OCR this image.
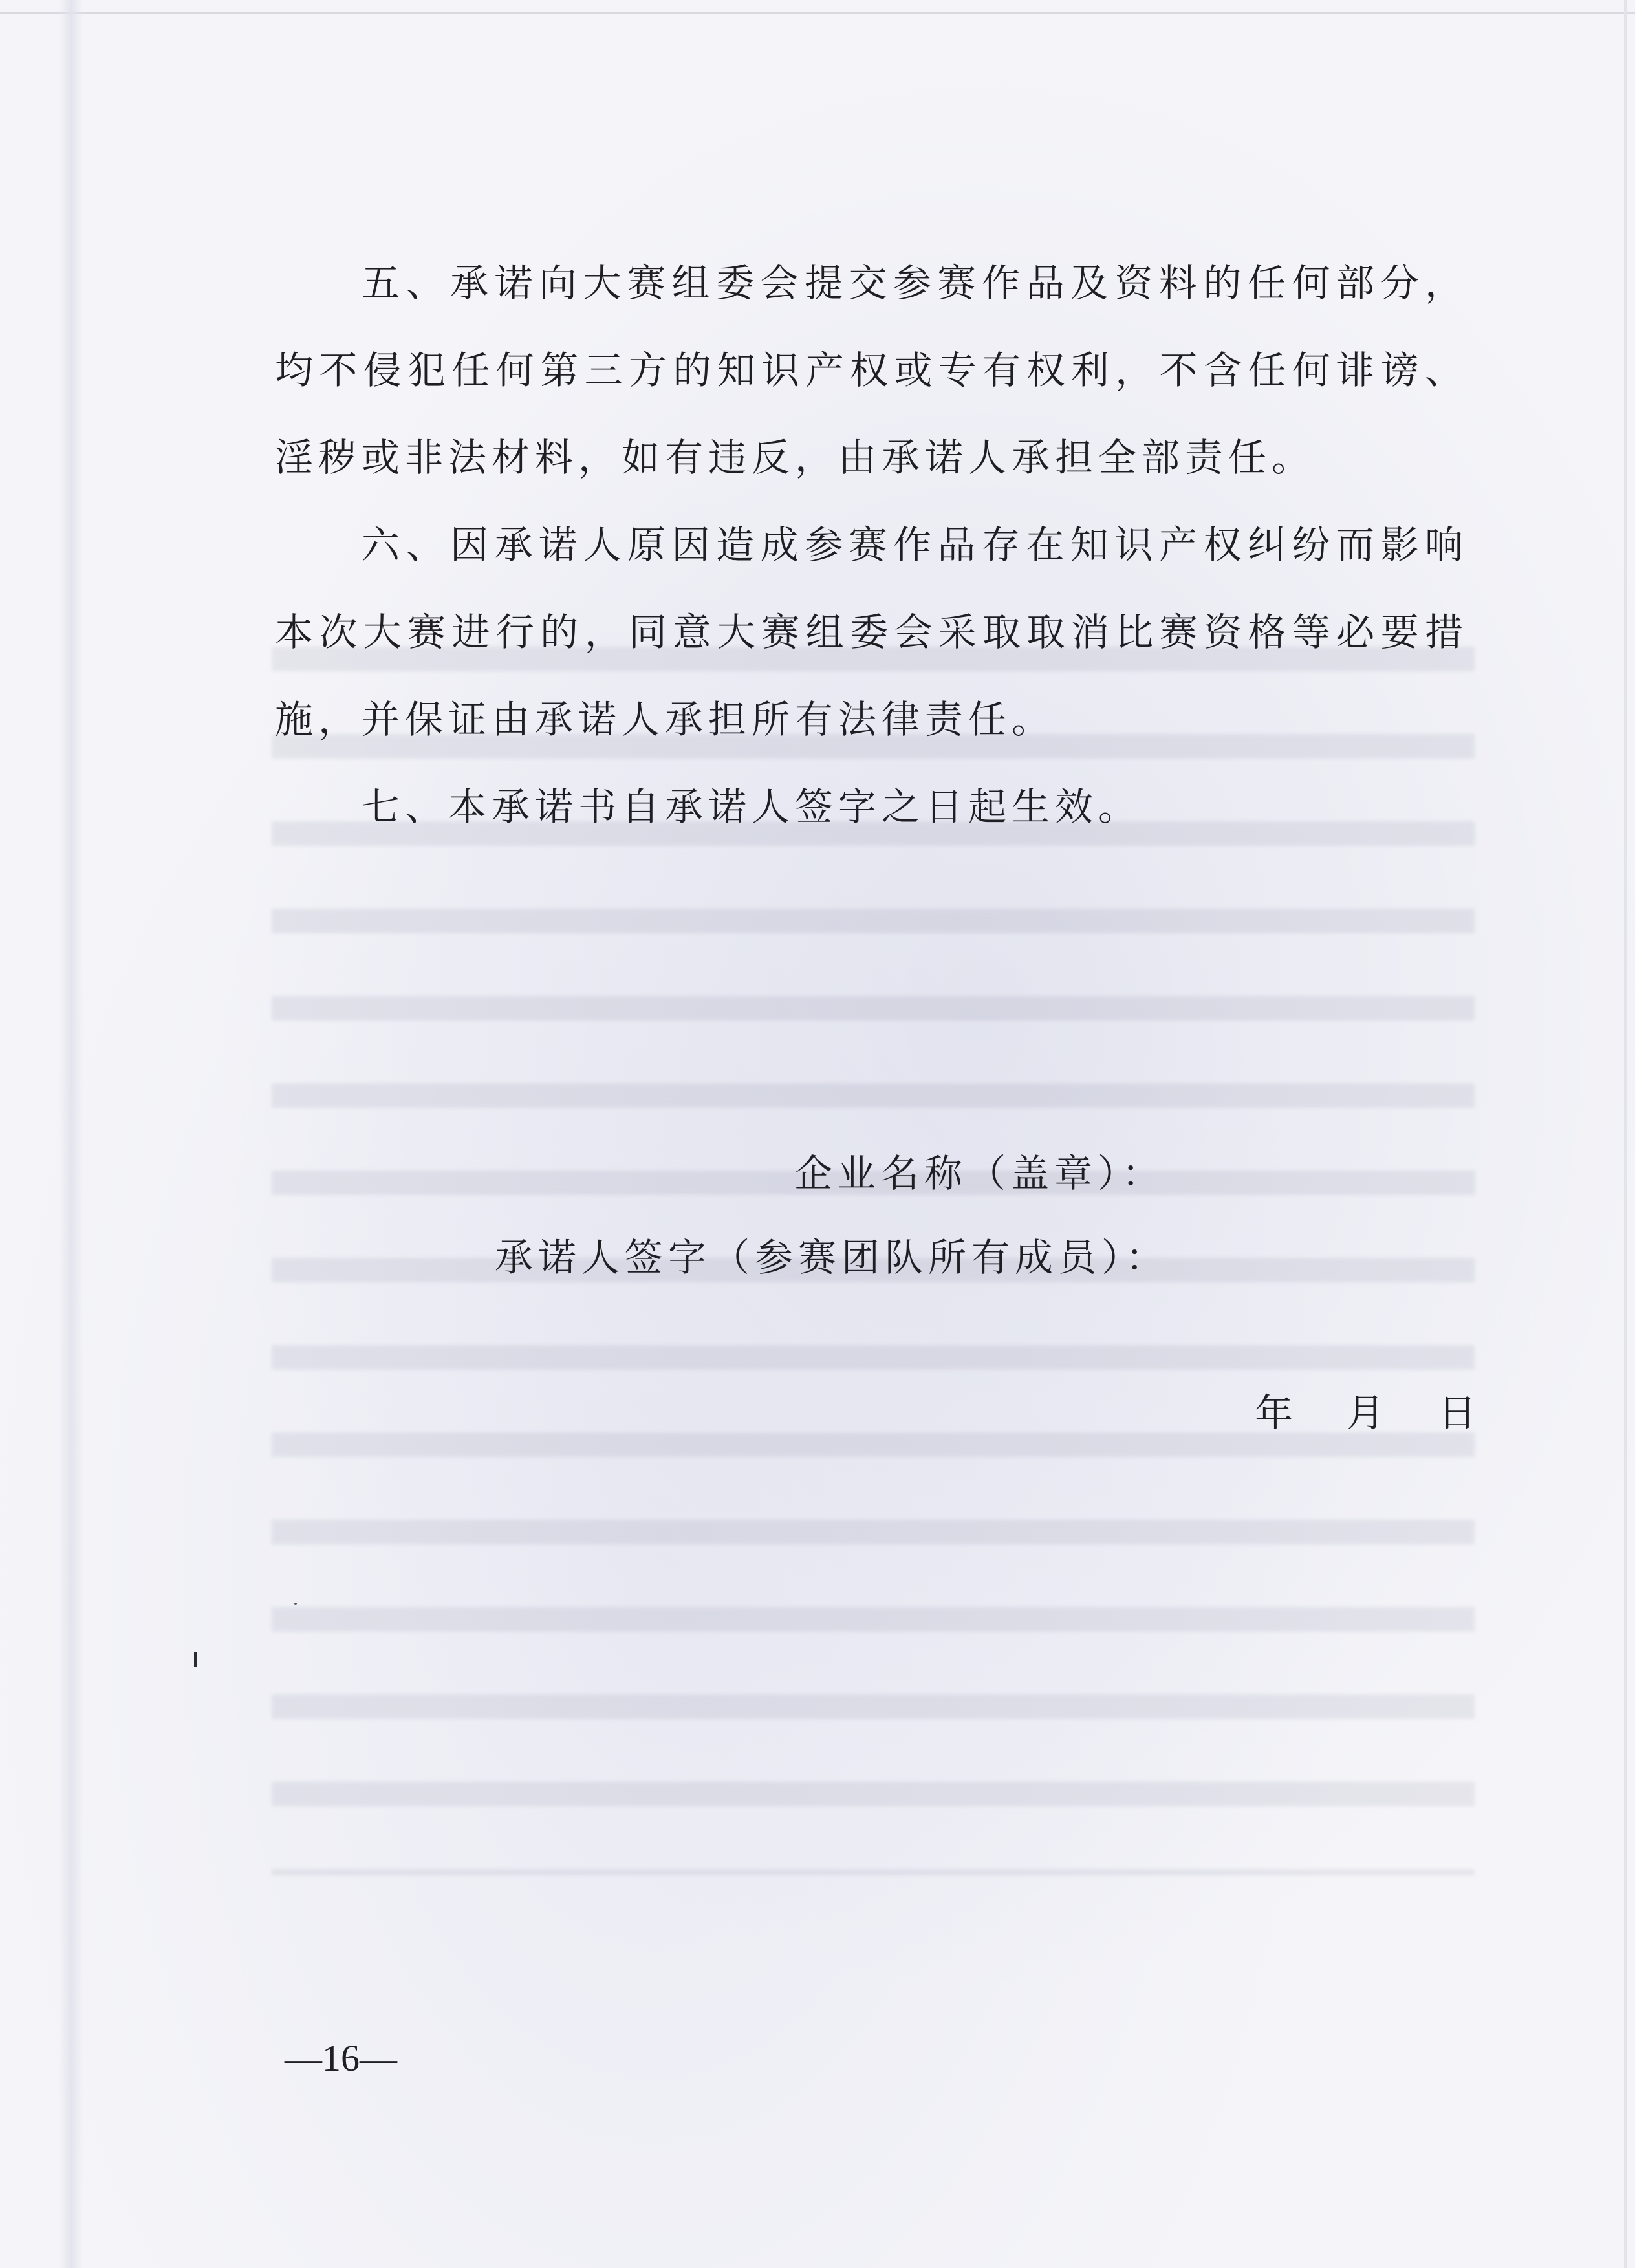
五、承诺向大赛组委会提交参赛作品及资料的任何部分，均不侵犯任何第三方的知识产权或专有权利，不含任何诽谤、淫秽或非法材料，如有违反，由承诺人承担全部责任。

六、因承诺人原因造成参赛作品存在知识产权纠纷而影响本次大赛进行的，同意大赛组委会采取取消比赛资格等必要措施，并保证由承诺人承担所有法律责任。

七、本承诺书自承诺人签字之日起生效。

企业名称（盖章）：
承诺人签字（参赛团队所有成员）：
年 月 日
—16—
